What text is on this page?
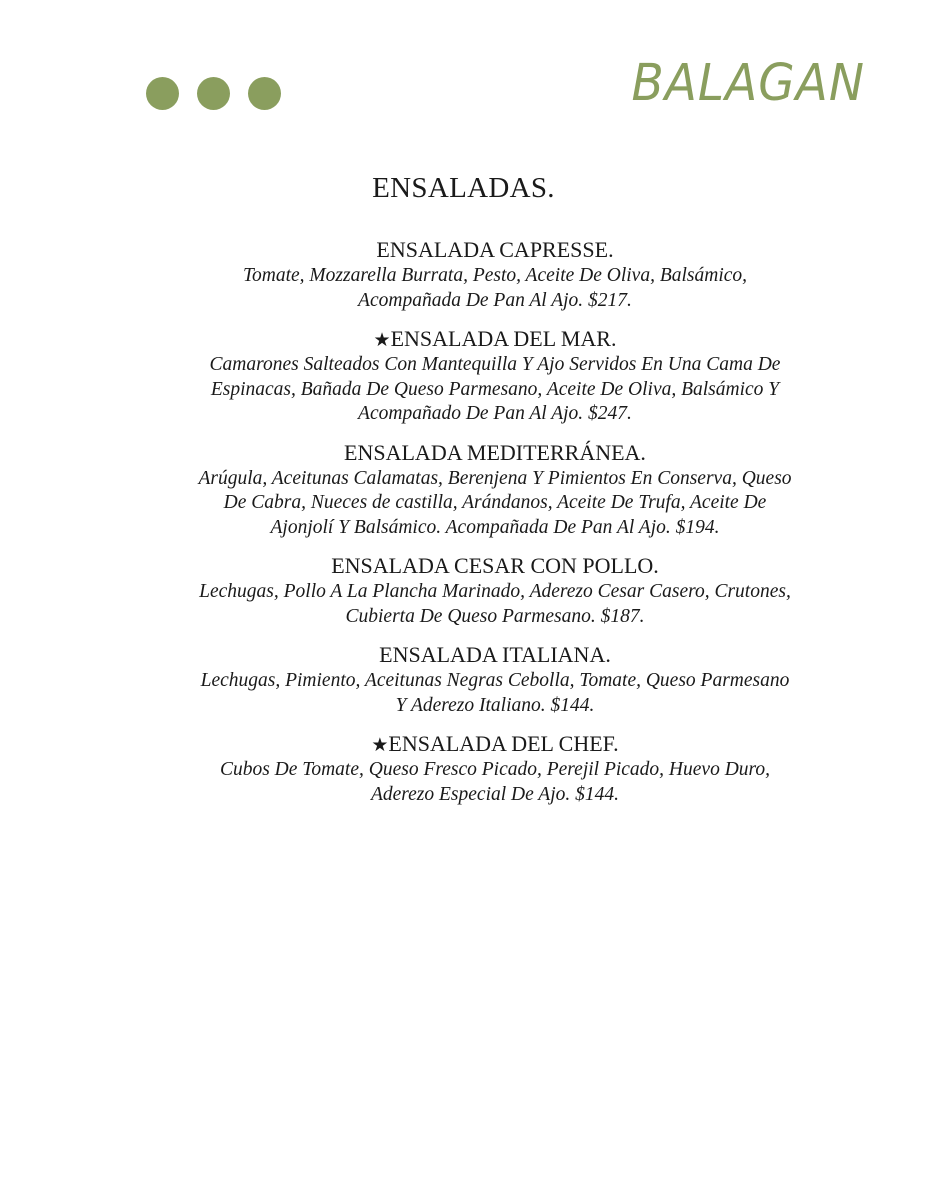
BALAGAN
ENSALADAS.
ENSALADA CAPRESSE.
Tomate, Mozzarella Burrata, Pesto, Aceite De Oliva, Balsámico, Acompañada De Pan Al Ajo. $217.
★ENSALADA DEL MAR.
Camarones Salteados Con Mantequilla Y Ajo Servidos En Una Cama De Espinacas, Bañada De Queso Parmesano, Aceite De Oliva, Balsámico Y Acompañado De Pan Al Ajo. $247.
ENSALADA MEDITERRÁNEA.
Arúgula, Aceitunas Calamatas, Berenjena Y Pimientos En Conserva, Queso De Cabra, Nueces de castilla, Arándanos, Aceite De Trufa, Aceite De Ajonjolí Y Balsámico. Acompañada De Pan Al Ajo. $194.
ENSALADA CESAR CON POLLO.
Lechugas, Pollo A La Plancha Marinado, Aderezo Cesar Casero, Crutones, Cubierta De Queso Parmesano. $187.
ENSALADA ITALIANA.
Lechugas, Pimiento, Aceitunas Negras Cebolla, Tomate, Queso Parmesano Y Aderezo Italiano. $144.
★ENSALADA DEL CHEF.
Cubos De Tomate, Queso Fresco Picado, Perejil Picado, Huevo Duro, Aderezo Especial De Ajo. $144.
